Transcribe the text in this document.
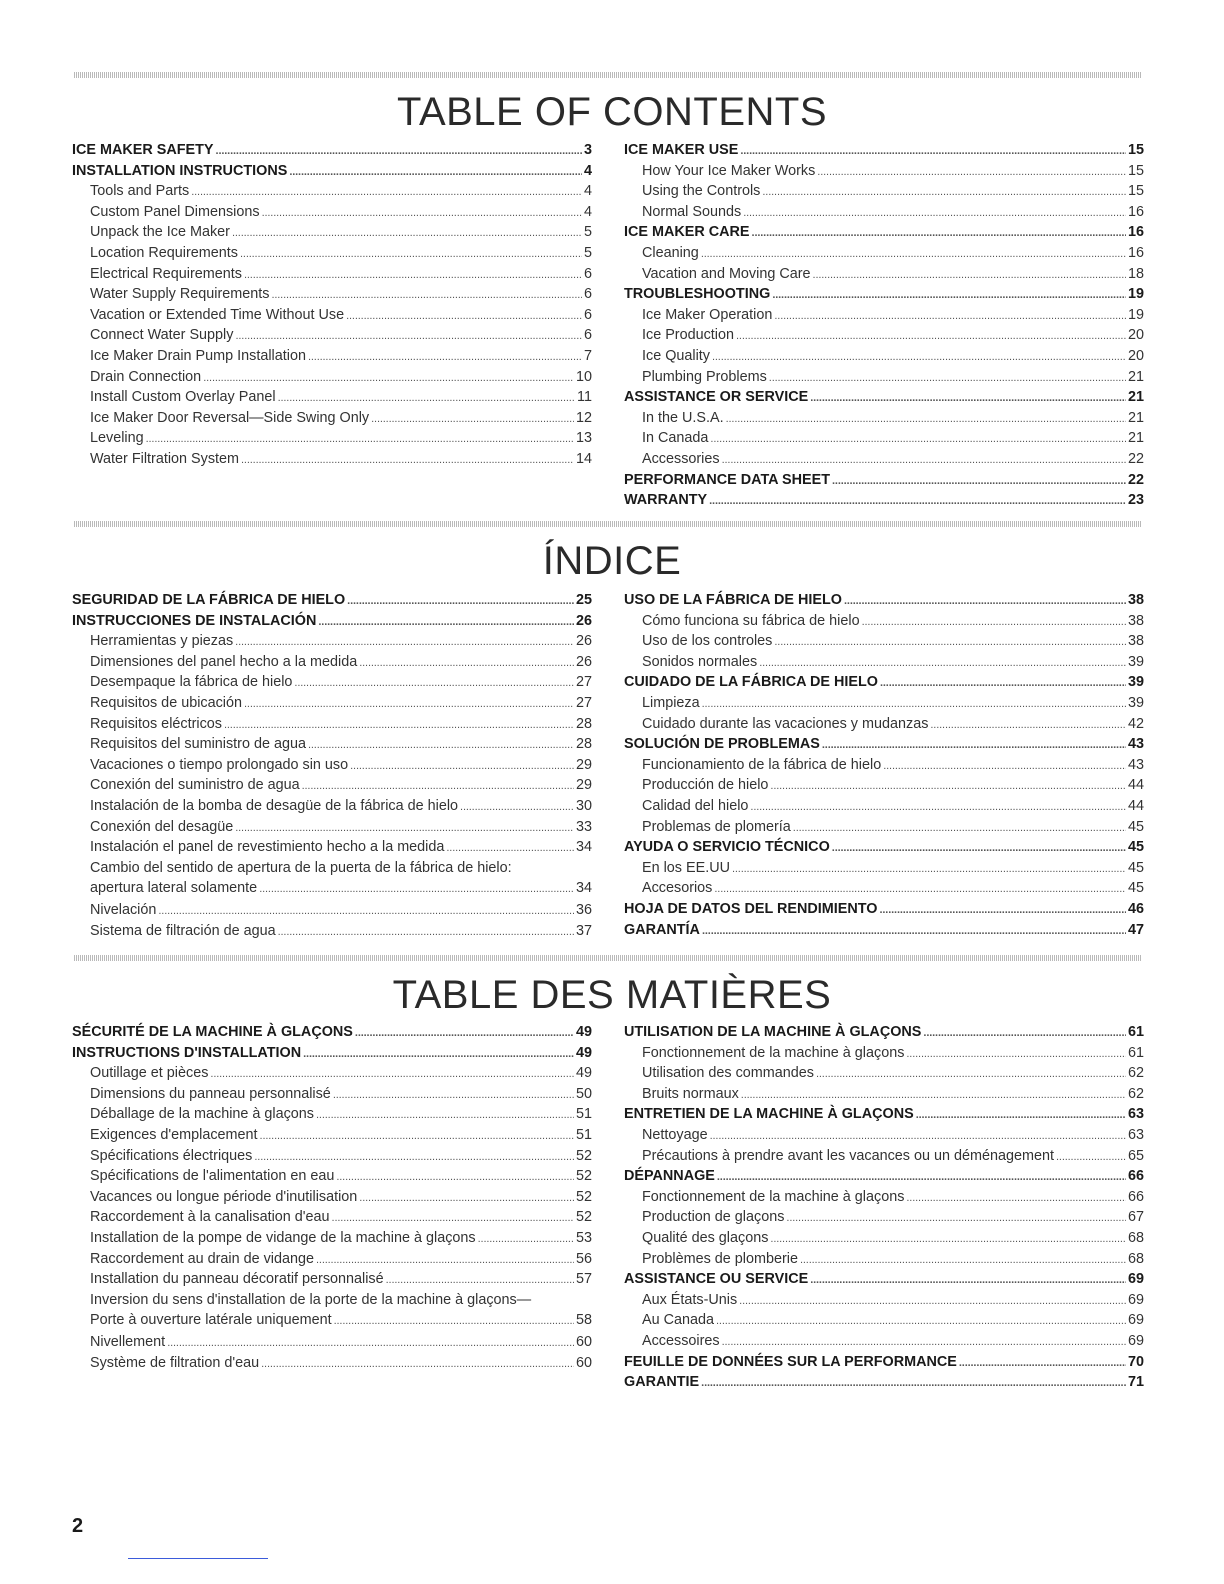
TABLE OF CONTENTS
ICE MAKER SAFETY . . .	3
INSTALLATION INSTRUCTIONS . . .	4
Tools and Parts . . .	4
Custom Panel Dimensions . . .	4
Unpack the Ice Maker . . .	5
Location Requirements . . .	5
Electrical Requirements . . .	6
Water Supply Requirements . . .	6
Vacation or Extended Time Without Use . . .	6
Connect Water Supply . . .	6
Ice Maker Drain Pump Installation . . .	7
Drain Connection . . .	10
Install Custom Overlay Panel . . .	11
Ice Maker Door Reversal—Side Swing Only . . .	12
Leveling . . .	13
Water Filtration System . . .	14
ICE MAKER USE . . .	15
How Your Ice Maker Works . . .	15
Using the Controls . . .	15
Normal Sounds . . .	16
ICE MAKER CARE . . .	16
Cleaning . . .	16
Vacation and Moving Care . . .	18
TROUBLESHOOTING . . .	19
Ice Maker Operation . . .	19
Ice Production . . .	20
Ice Quality . . .	20
Plumbing Problems . . .	21
ASSISTANCE OR SERVICE . . .	21
In the U.S.A. . . .	21
In Canada . . .	21
Accessories . . .	22
PERFORMANCE DATA SHEET . . .	22
WARRANTY . . .	23
ÍNDICE
SEGURIDAD DE LA FÁBRICA DE HIELO . . .	25
INSTRUCCIONES DE INSTALACIÓN . . .	26
Herramientas y piezas . . .	26
Dimensiones del panel hecho a la medida . . .	26
Desempaque la fábrica de hielo . . .	27
Requisitos de ubicación . . .	27
Requisitos eléctricos . . .	28
Requisitos del suministro de agua . . .	28
Vacaciones o tiempo prolongado sin uso . . .	29
Conexión del suministro de agua . . .	29
Instalación de la bomba de desagüe de la fábrica de hielo . . .	30
Conexión del desagüe . . .	33
Instalación el panel de revestimiento hecho a la medida . . .	34
Cambio del sentido de apertura de la puerta de la fábrica de hielo:
apertura lateral solamente . . .	34
Nivelación . . .	36
Sistema de filtración de agua . . .	37
USO DE LA FÁBRICA DE HIELO . . .	38
Cómo funciona su fábrica de hielo . . .	38
Uso de los controles . . .	38
Sonidos normales . . .	39
CUIDADO DE LA FÁBRICA DE HIELO . . .	39
Limpieza . . .	39
Cuidado durante las vacaciones y mudanzas . . .	42
SOLUCIÓN DE PROBLEMAS . . .	43
Funcionamiento de la fábrica de hielo . . .	43
Producción de hielo . . .	44
Calidad del hielo . . .	44
Problemas de plomería . . .	45
AYUDA O SERVICIO TÉCNICO . . .	45
En los EE.UU . . .	45
Accesorios . . .	45
HOJA DE DATOS DEL RENDIMIENTO . . .	46
GARANTÍA . . .	47
TABLE DES MATIÈRES
SÉCURITÉ DE LA MACHINE À GLAÇONS . . .	49
INSTRUCTIONS D'INSTALLATION . . .	49
Outillage et pièces . . .	49
Dimensions du panneau personnalisé . . .	50
Déballage de la machine à glaçons . . .	51
Exigences d'emplacement . . .	51
Spécifications électriques . . .	52
Spécifications de l'alimentation en eau . . .	52
Vacances ou longue période d'inutilisation . . .	52
Raccordement à la canalisation d'eau . . .	52
Installation de la pompe de vidange de la machine à glaçons . . .	53
Raccordement au drain de vidange . . .	56
Installation du panneau décoratif personnalisé . . .	57
Inversion du sens d'installation de la porte de la machine à glaçons—
Porte à ouverture latérale uniquement . . .	58
Nivellement . . .	60
Système de filtration d'eau . . .	60
UTILISATION DE LA MACHINE À GLAÇONS . . .	61
Fonctionnement de la machine à glaçons . . .	61
Utilisation des commandes . . .	62
Bruits normaux . . .	62
ENTRETIEN DE LA MACHINE À GLAÇONS . . .	63
Nettoyage . . .	63
Précautions à prendre avant les vacances ou un déménagement . . .	65
DÉPANNAGE . . .	66
Fonctionnement de la machine à glaçons . . .	66
Production de glaçons . . .	67
Qualité des glaçons . . .	68
Problèmes de plomberie . . .	68
ASSISTANCE OU SERVICE . . .	69
Aux États-Unis . . .	69
Au Canada . . .	69
Accessoires . . .	69
FEUILLE DE DONNÉES SUR LA PERFORMANCE . . .	70
GARANTIE . . .	71
2
